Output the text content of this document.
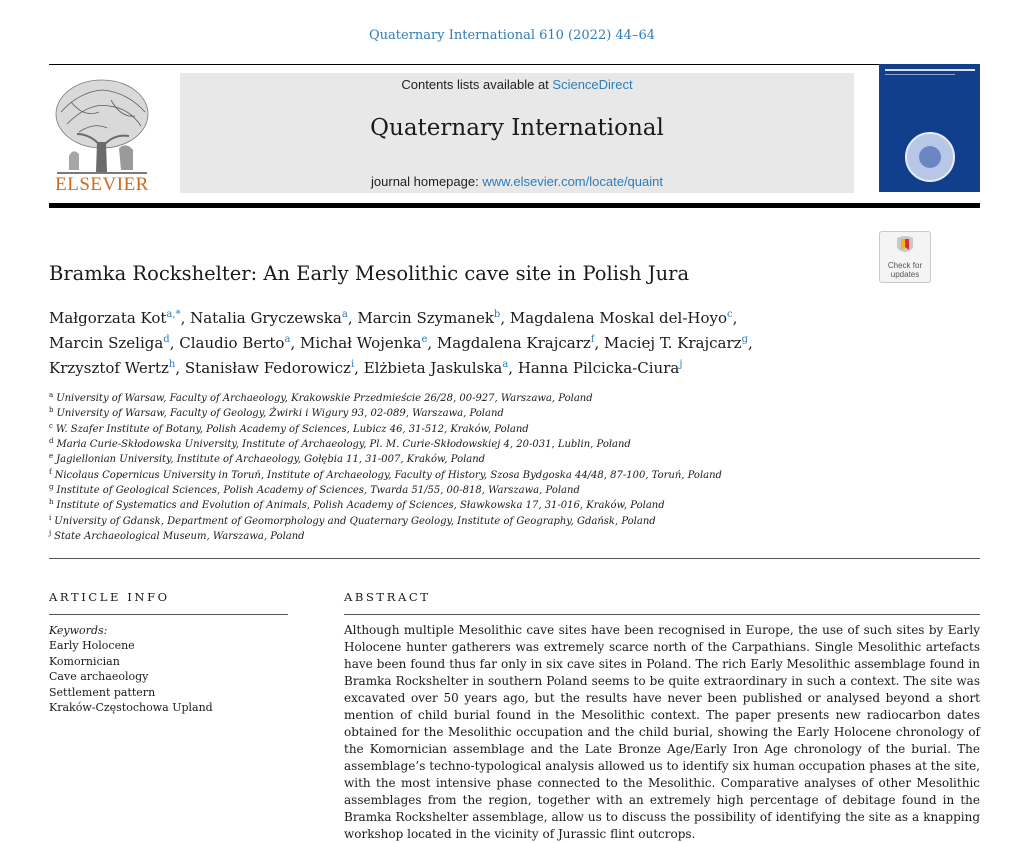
Quaternary International 610 (2022) 44–64
ELSEVIER
Contents lists available at ScienceDirect
Quaternary International
journal homepage: www.elsevier.com/locate/quaint
Check for
updates
Bramka Rockshelter: An Early Mesolithic cave site in Polish Jura
Małgorzata Kot$^{a,*}$, Natalia Gryczewska$^a$, Marcin Szymanek$^b$, Magdalena Moskal del-Hoyo$^c$,
Marcin Szeliga$^d$, Claudio Berto$^a$, Michał Wojenka$^e$, Magdalena Krajcarz$^f$, Maciej T. Krajcarz$^g$,
Krzysztof Wertz$^h$, Stanisław Fedorowicz$^i$, Elżbieta Jaskulska$^a$, Hanna Pilcicka-Ciura$^j$
$^a$ University of Warsaw, Faculty of Archaeology, Krakowskie Przedmieście 26/28, 00-927, Warszawa, Poland
$^b$ University of Warsaw, Faculty of Geology, Żwirki i Wigury 93, 02-089, Warszawa, Poland
$^c$ W. Szafer Institute of Botany, Polish Academy of Sciences, Lubicz 46, 31-512, Kraków, Poland
$^d$ Maria Curie-Skłodowska University, Institute of Archaeology, Pl. M. Curie-Skłodowskiej 4, 20-031, Lublin, Poland
$^e$ Jagiellonian University, Institute of Archaeology, Gołębia 11, 31-007, Kraków, Poland
$^f$ Nicolaus Copernicus University in Toruń, Institute of Archaeology, Faculty of History, Szosa Bydgoska 44/48, 87-100, Toruń, Poland
$^g$ Institute of Geological Sciences, Polish Academy of Sciences, Twarda 51/55, 00-818, Warszawa, Poland
$^h$ Institute of Systematics and Evolution of Animals, Polish Academy of Sciences, Sławkowska 17, 31-016, Kraków, Poland
$^i$ University of Gdansk, Department of Geomorphology and Quaternary Geology, Institute of Geography, Gdańsk, Poland
$^j$ State Archaeological Museum, Warszawa, Poland
ARTICLE INFO	ABSTRACT
Keywords:
Early Holocene
Komornician
Cave archaeology
Settlement pattern
Kraków-Częstochowa Upland

Although multiple Mesolithic cave sites have been recognised in Europe, the use of such sites by Early Holocene hunter gatherers was extremely scarce north of the Carpathians. Single Mesolithic artefacts have been found thus far only in six cave sites in Poland. The rich Early Mesolithic assemblage found in Bramka Rockshelter in southern Poland seems to be quite extraordinary in such a context. The site was excavated over 50 years ago, but the results have never been published or analysed beyond a short mention of child burial found in the Mesolithic context. The paper presents new radiocarbon dates obtained for the Mesolithic occupation and the child burial, showing the Early Holocene chronology of the Komornician assemblage and the Late Bronze Age/Early Iron Age chronology of the burial. The assemblage’s techno-typological analysis allowed us to identify six human occupation phases at the site, with the most intensive phase connected to the Mesolithic. Comparative analyses of other Mesolithic assemblages from the region, together with an extremely high percentage of debitage found in the Bramka Rockshelter assemblage, allow us to discuss the possibility of identifying the site as a knapping workshop located in the vicinity of Jurassic flint outcrops.
